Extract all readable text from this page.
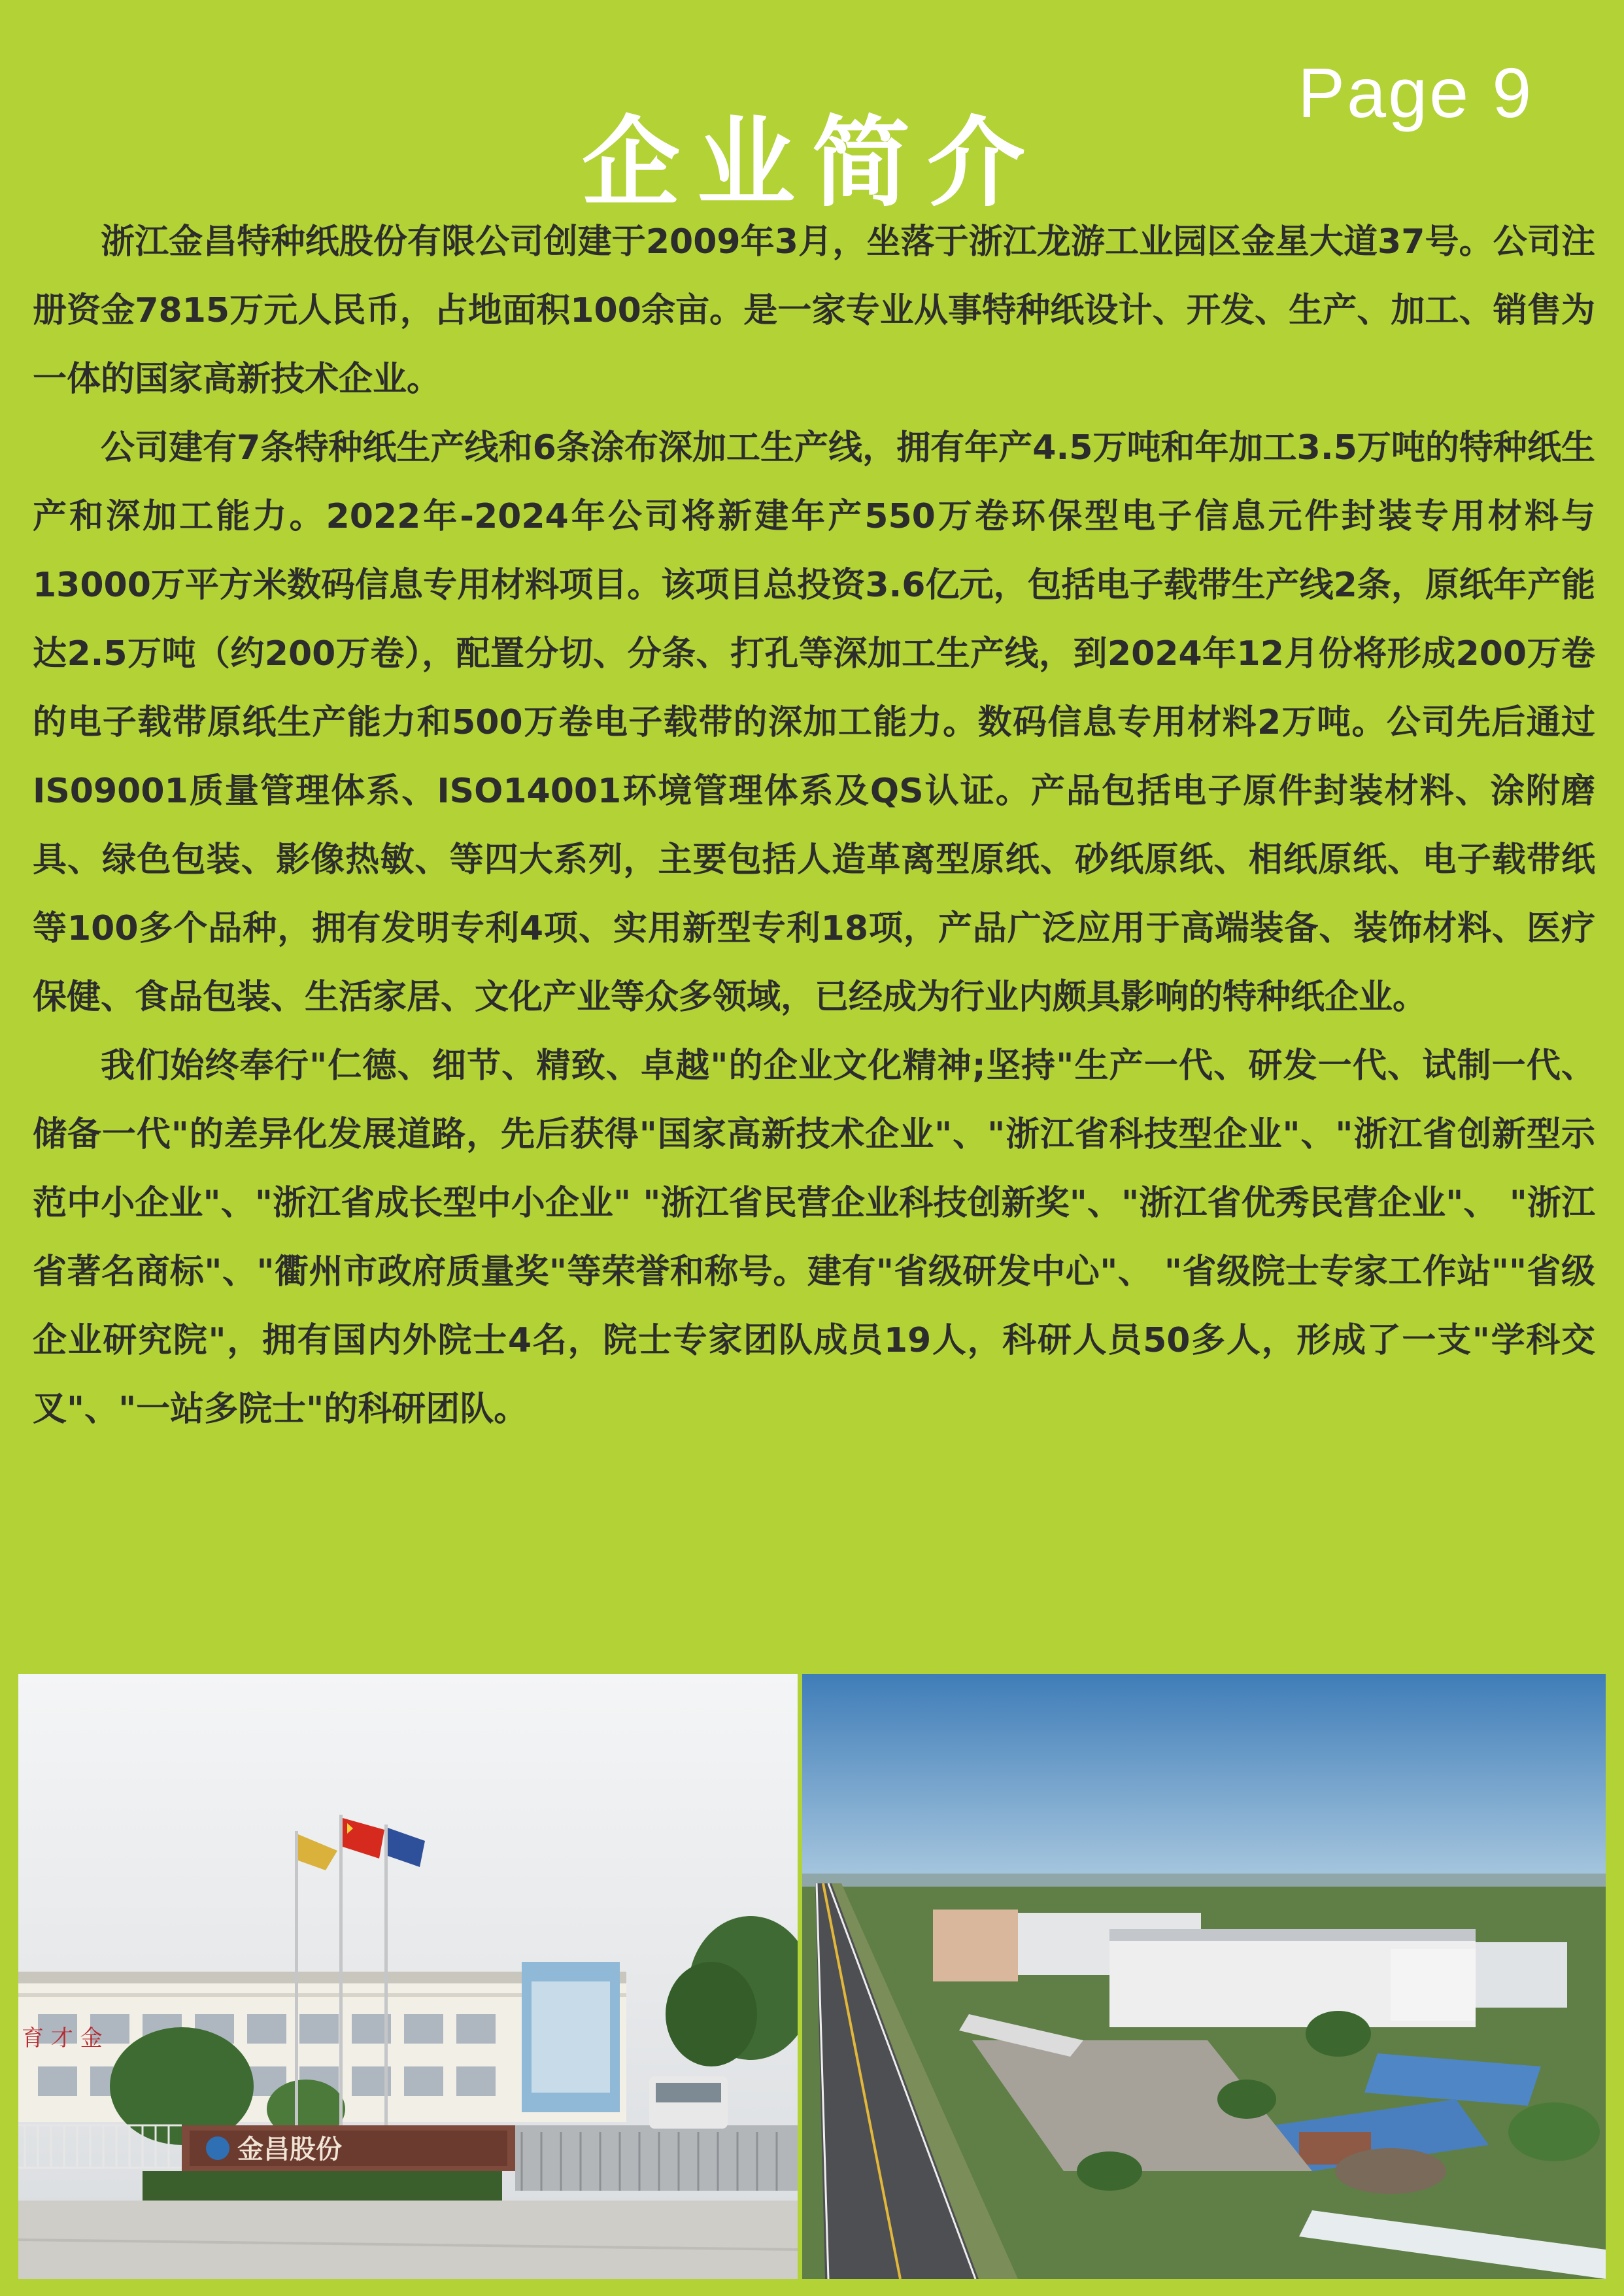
Page 9
企业简介

浙江金昌特种纸股份有限公司创建于2009年3月，坐落于浙江龙游工业园区金星大道37号。公司注册资金7815万元人民币，占地面积100余亩。是一家专业从事特种纸设计、开发、生产、加工、销售为一体的国家高新技术企业。

公司建有7条特种纸生产线和6条涂布深加工生产线，拥有年产4.5万吨和年加工3.5万吨的特种纸生产和深加工能力。2022年-2024年公司将新建年产550万卷环保型电子信息元件封装专用材料与13000万平方米数码信息专用材料项目。该项目总投资3.6亿元，包括电子载带生产线2条，原纸年产能达2.5万吨（约200万卷），配置分切、分条、打孔等深加工生产线，到2024年12月份将形成200万卷的电子载带原纸生产能力和500万卷电子载带的深加工能力。数码信息专用材料2万吨。公司先后通过IS09001质量管理体系、ISO14001环境管理体系及QS认证。产品包括电子原件封装材料、涂附磨具、绿色包装、影像热敏、等四大系列，主要包括人造革离型原纸、砂纸原纸、相纸原纸、电子载带纸等100多个品种，拥有发明专利4项、实用新型专利18项，产品广泛应用于高端装备、装饰材料、医疗保健、食品包装、生活家居、文化产业等众多领域，已经成为行业内颇具影响的特种纸企业。

我们始终奉行"仁德、细节、精致、卓越"的企业文化精神;坚持"生产一代、研发一代、试制一代、储备一代"的差异化发展道路，先后获得"国家高新技术企业"、"浙江省科技型企业"、"浙江省创新型示范中小企业"、"浙江省成长型中小企业" "浙江省民营企业科技创新奖"、"浙江省优秀民营企业"、 "浙江省著名商标"、"衢州市政府质量奖"等荣誉和称号。建有"省级研发中心"、 "省级院士专家工作站""省级企业研究院"，拥有国内外院士4名，院士专家团队成员19人，科研人员50多人，形成了一支"学科交叉"、"一站多院士"的科研团队。

育 才 金
金昌股份
